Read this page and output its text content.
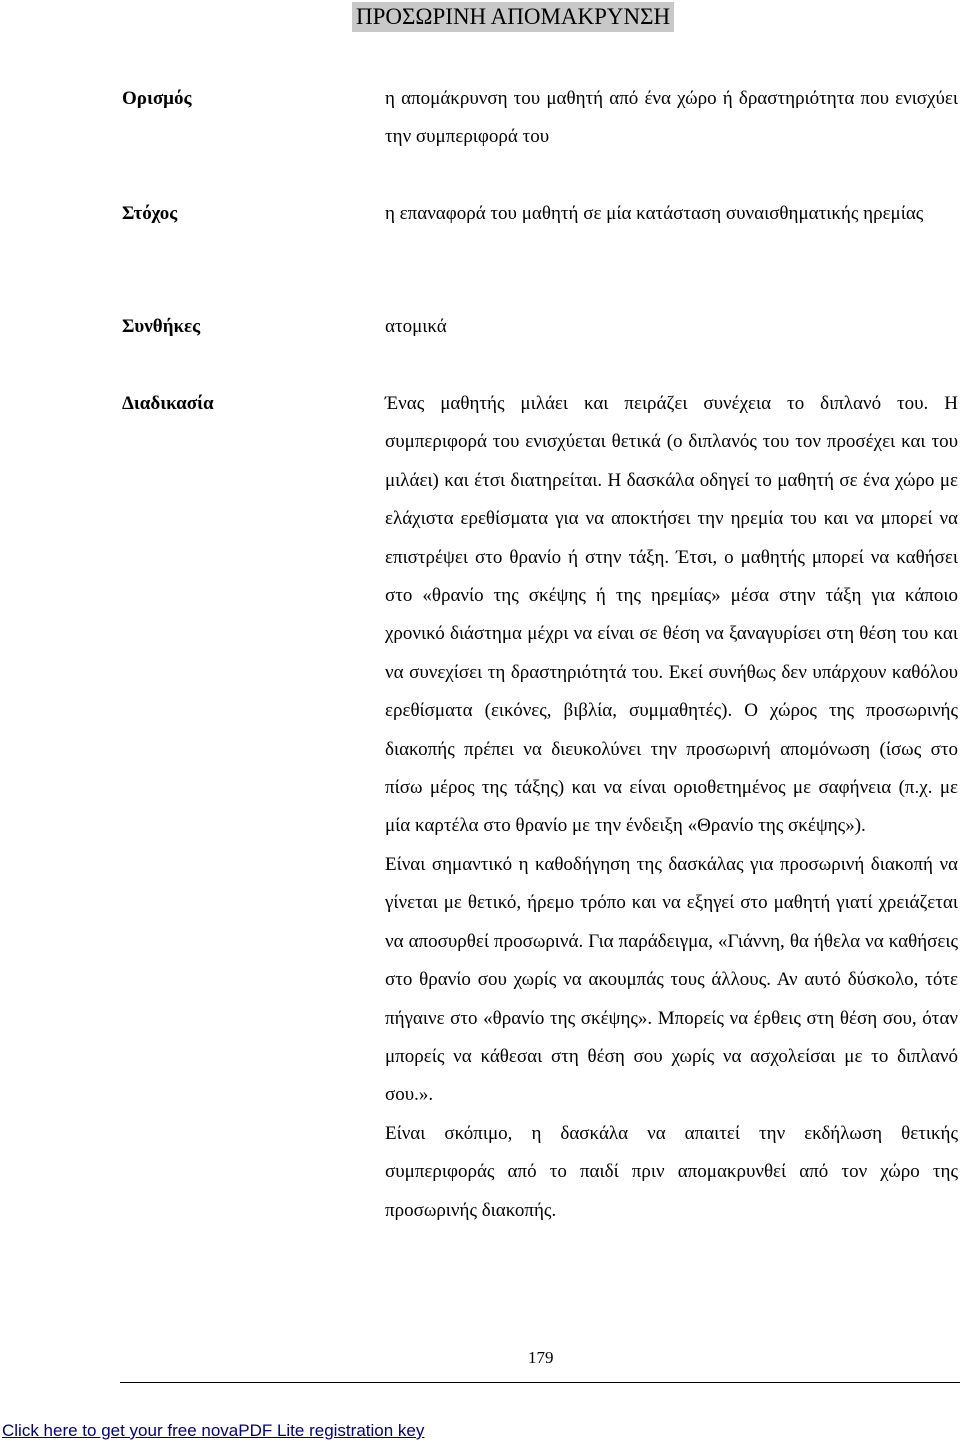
ΠΡΟΣΩΡΙΝΗ ΑΠΟΜΑΚΡΥΝΣΗ
Ορισμός	η απομάκρυνση του μαθητή από ένα χώρο ή δραστηριότητα που ενισχύει την συμπεριφορά του
Στόχος	η επαναφορά του μαθητή σε μία κατάσταση συναισθηματικής ηρεμίας
Συνθήκες	ατομικά
Διαδικασία	Ένας μαθητής μιλάει και πειράζει συνέχεια το διπλανό του. Η συμπεριφορά του ενισχύεται θετικά (ο διπλανός του τον προσέχει και του μιλάει) και έτσι διατηρείται. Η δασκάλα οδηγεί το μαθητή σε ένα χώρο με ελάχιστα ερεθίσματα για να αποκτήσει την ηρεμία του και να μπορεί να επιστρέψει στο θρανίο ή στην τάξη. Έτσι, ο μαθητής μπορεί να καθήσει στο «θρανίο της σκέψης ή της ηρεμίας» μέσα στην τάξη για κάποιο χρονικό διάστημα μέχρι να είναι σε θέση να ξαναγυρίσει στη θέση του και να συνεχίσει τη δραστηριότητά του. Εκεί συνήθως δεν υπάρχουν καθόλου ερεθίσματα (εικόνες, βιβλία, συμμαθητές). Ο χώρος της προσωρινής διακοπής πρέπει να διευκολύνει την προσωρινή απομόνωση (ίσως στο πίσω μέρος της τάξης) και να είναι οριοθετημένος με σαφήνεια (π.χ. με μία καρτέλα στο θρανίο με την ένδειξη «Θρανίο της σκέψης»).

Είναι σημαντικό η καθοδήγηση της δασκάλας για προσωρινή διακοπή να γίνεται με θετικό, ήρεμο τρόπο και να εξηγεί στο μαθητή γιατί χρειάζεται να αποσυρθεί προσωρινά. Για παράδειγμα, «Γιάννη, θα ήθελα να καθήσεις στο θρανίο σου χωρίς να ακουμπάς τους άλλους. Αν αυτό δύσκολο, τότε πήγαινε στο «θρανίο της σκέψης». Μπορείς να έρθεις στη θέση σου, όταν μπορείς να κάθεσαι στη θέση σου χωρίς να ασχολείσαι με το διπλανό σου.».

Είναι σκόπιμο, η δασκάλα να απαιτεί την εκδήλωση θετικής συμπεριφοράς από το παιδί πριν απομακρυνθεί από τον χώρο της προσωρινής διακοπής.

179
Click here to get your free novaPDF Lite registration key
